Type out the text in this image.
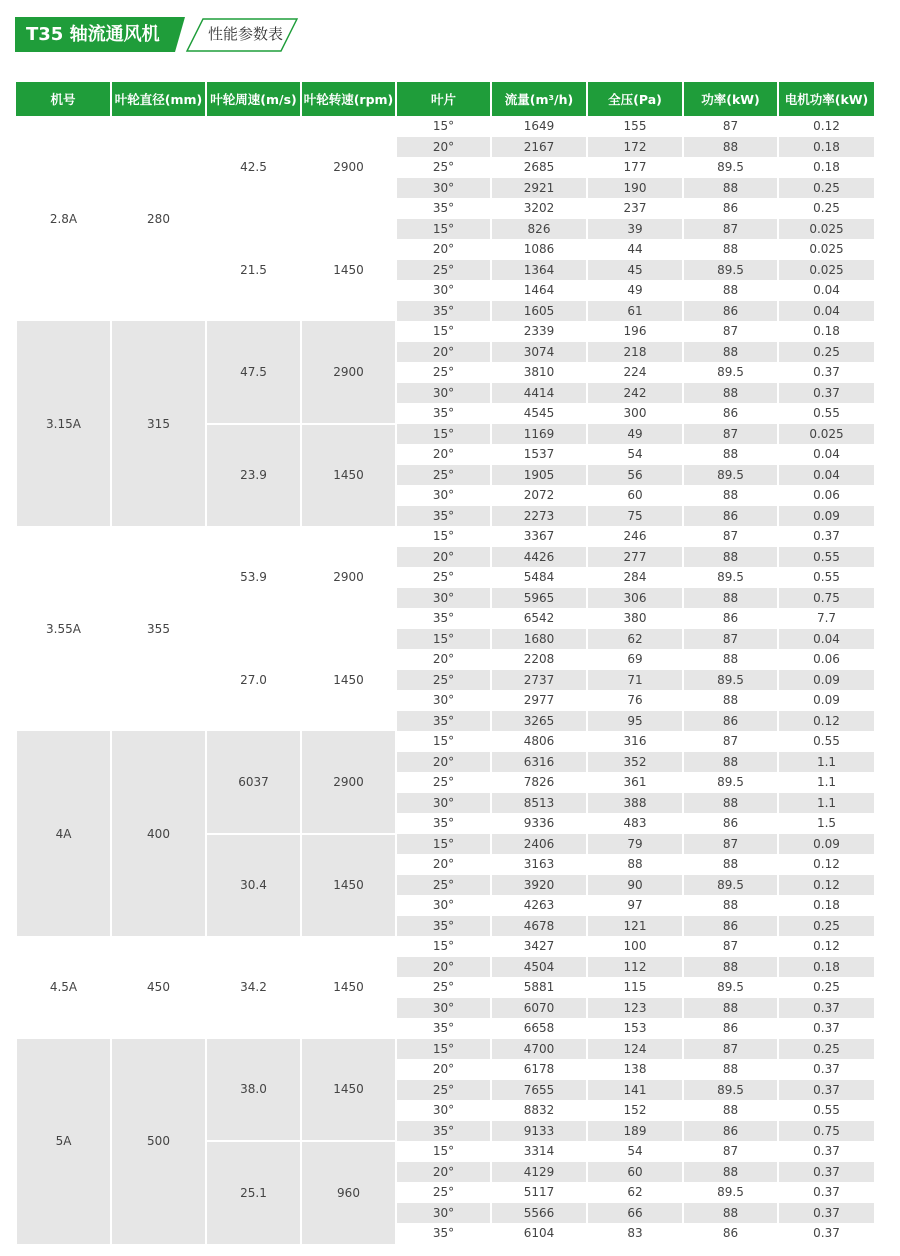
T35 轴流通风机	性能参数表
机号	叶轮直径(mm)	叶轮周速(m/s)	叶轮转速(rpm)	叶片	流量(m³/h)	全压(Pa)	功率(kW)	电机功率(kW)
2.8A	280	42.5	2900	15°	1649	155	87	0.12
				20°	2167	172	88	0.18
				25°	2685	177	89.5	0.18
				30°	2921	190	88	0.25
				35°	3202	237	86	0.25
		21.5	1450	15°	826	39	87	0.025
				20°	1086	44	88	0.025
				25°	1364	45	89.5	0.025
				30°	1464	49	88	0.04
				35°	1605	61	86	0.04
3.15A	315	47.5	2900	15°	2339	196	87	0.18
				20°	3074	218	88	0.25
				25°	3810	224	89.5	0.37
				30°	4414	242	88	0.37
				35°	4545	300	86	0.55
		23.9	1450	15°	1169	49	87	0.025
				20°	1537	54	88	0.04
				25°	1905	56	89.5	0.04
				30°	2072	60	88	0.06
				35°	2273	75	86	0.09
3.55A	355	53.9	2900	15°	3367	246	87	0.37
				20°	4426	277	88	0.55
				25°	5484	284	89.5	0.55
				30°	5965	306	88	0.75
				35°	6542	380	86	7.7
		27.0	1450	15°	1680	62	87	0.04
				20°	2208	69	88	0.06
				25°	2737	71	89.5	0.09
				30°	2977	76	88	0.09
				35°	3265	95	86	0.12
4A	400	6037	2900	15°	4806	316	87	0.55
				20°	6316	352	88	1.1
				25°	7826	361	89.5	1.1
				30°	8513	388	88	1.1
				35°	9336	483	86	1.5
		30.4	1450	15°	2406	79	87	0.09
				20°	3163	88	88	0.12
				25°	3920	90	89.5	0.12
				30°	4263	97	88	0.18
				35°	4678	121	86	0.25
4.5A	450	34.2	1450	15°	3427	100	87	0.12
				20°	4504	112	88	0.18
				25°	5881	115	89.5	0.25
				30°	6070	123	88	0.37
				35°	6658	153	86	0.37
5A	500	38.0	1450	15°	4700	124	87	0.25
				20°	6178	138	88	0.37
				25°	7655	141	89.5	0.37
				30°	8832	152	88	0.55
				35°	9133	189	86	0.75
		25.1	960	15°	3314	54	87	0.37
				20°	4129	60	88	0.37
				25°	5117	62	89.5	0.37
				30°	5566	66	88	0.37
				35°	6104	83	86	0.37
